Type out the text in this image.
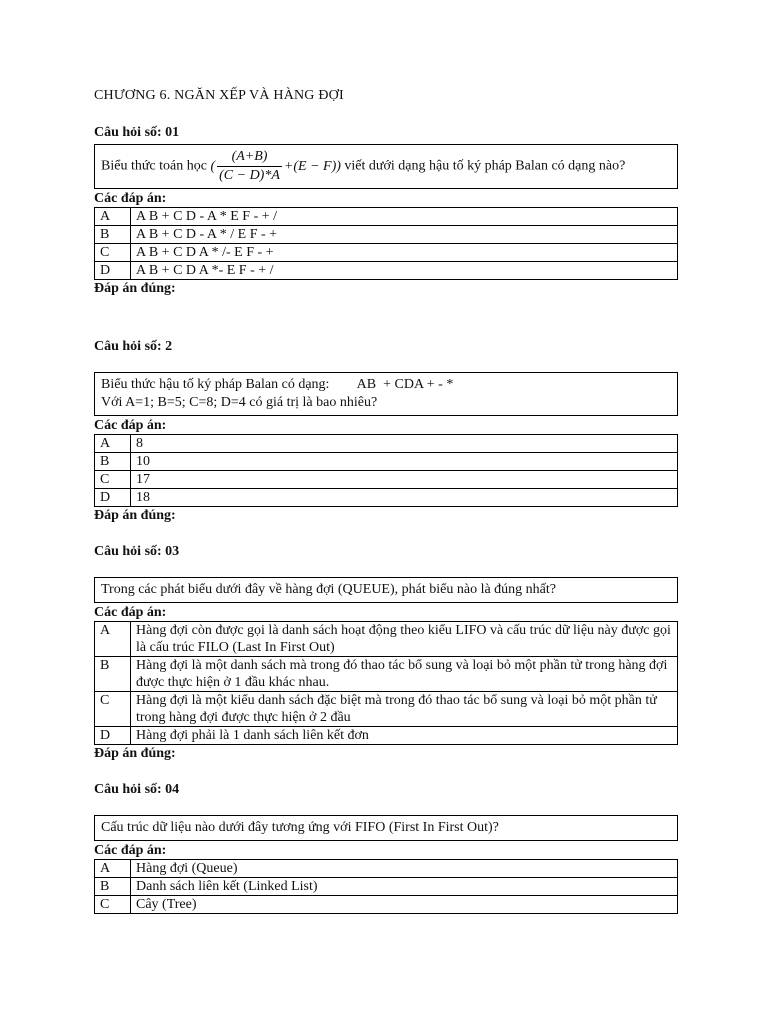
CHƯƠNG 6. NGĂN XẾP VÀ HÀNG ĐỢI
Câu hỏi số: 01
Biểu thức toán học ( $\frac{(A+B)}{(C - D)*A} +(E - F)$) viết dưới dạng hậu tố ký pháp Balan có dạng nào?
Các đáp án:
A	A B + C D - A * E F - + /
B	A B + C D - A * / E F - +
C	A B + C D A * /- E F - +
D	A B + C D A *- E F - + /
Đáp án đúng:
Câu hỏi số: 2
Biểu thức hậu tố ký pháp Balan có dạng:        AB  + CDA + - *
Với A=1; B=5; C=8; D=4 có giá trị là bao nhiêu?
Các đáp án:
A	8
B	10
C	17
D	18
Đáp án đúng:
Câu hỏi số: 03
Trong các phát biểu dưới đây về hàng đợi (QUEUE), phát biểu nào là đúng nhất?
Các đáp án:
A	Hàng đợi còn được gọi là danh sách hoạt động theo kiểu LIFO và cấu trúc dữ liệu này được gọi là cấu trúc FILO (Last In First Out)
B	Hàng đợi là một danh sách mà trong đó thao tác bổ sung và loại bỏ một phần tử trong hàng đợi được thực hiện ở 1 đầu khác nhau.
C	Hàng đợi là một kiểu danh sách đặc biệt mà trong đó thao tác bổ sung và loại bỏ một phần tử trong hàng đợi được thực hiện ở 2 đầu
D	Hàng đợi phải là 1 danh sách liên kết đơn
Đáp án đúng:
Câu hỏi số: 04
Cấu trúc dữ liệu nào dưới đây tương ứng với FIFO (First In First Out)?
Các đáp án:
A	Hàng đợi (Queue)
B	Danh sách liên kết (Linked List)
C	Cây (Tree)
